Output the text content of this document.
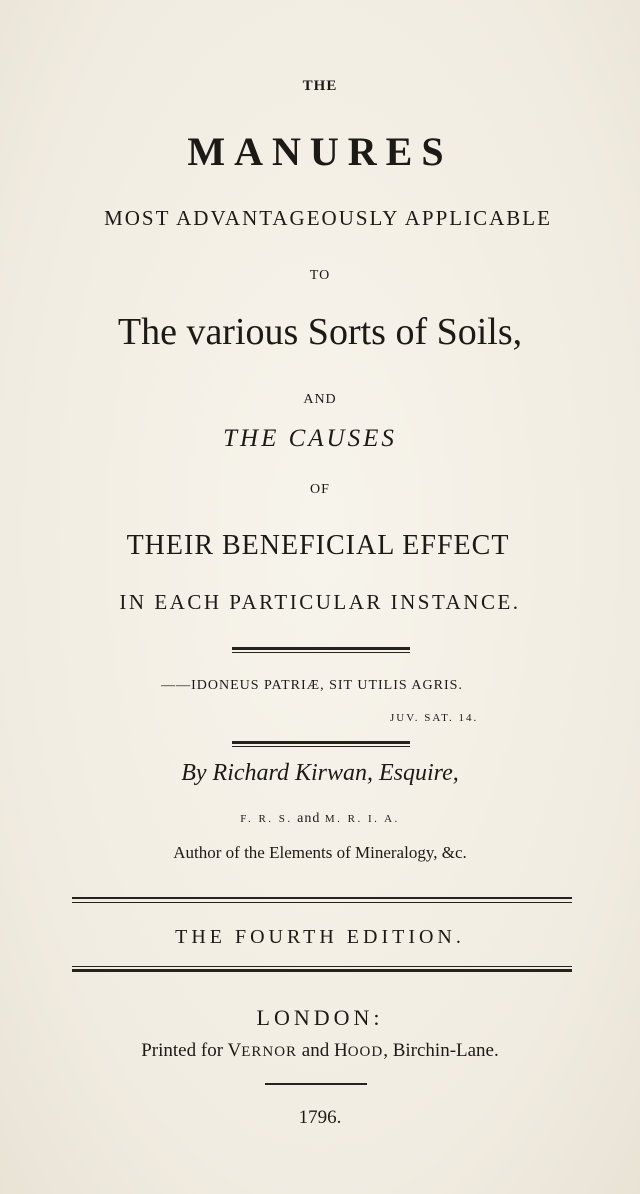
THE
MANURES
MOST ADVANTAGEOUSLY APPLICABLE
TO
The various Sorts of Soils,
AND
THE CAUSES
OF
THEIR BENEFICIAL EFFECT
IN EACH PARTICULAR INSTANCE.
——IDONEUS PATRIÆ, SIT UTILIS AGRIS.
JUV. SAT. 14.
By Richard Kirwan, Esquire,
F. R. S. and M. R. I. A.
Author of the Elements of Mineralogy, &c.
THE FOURTH EDITION.
LONDON:
Printed for VERNOR and HOOD, Birchin-Lane.
1796.
